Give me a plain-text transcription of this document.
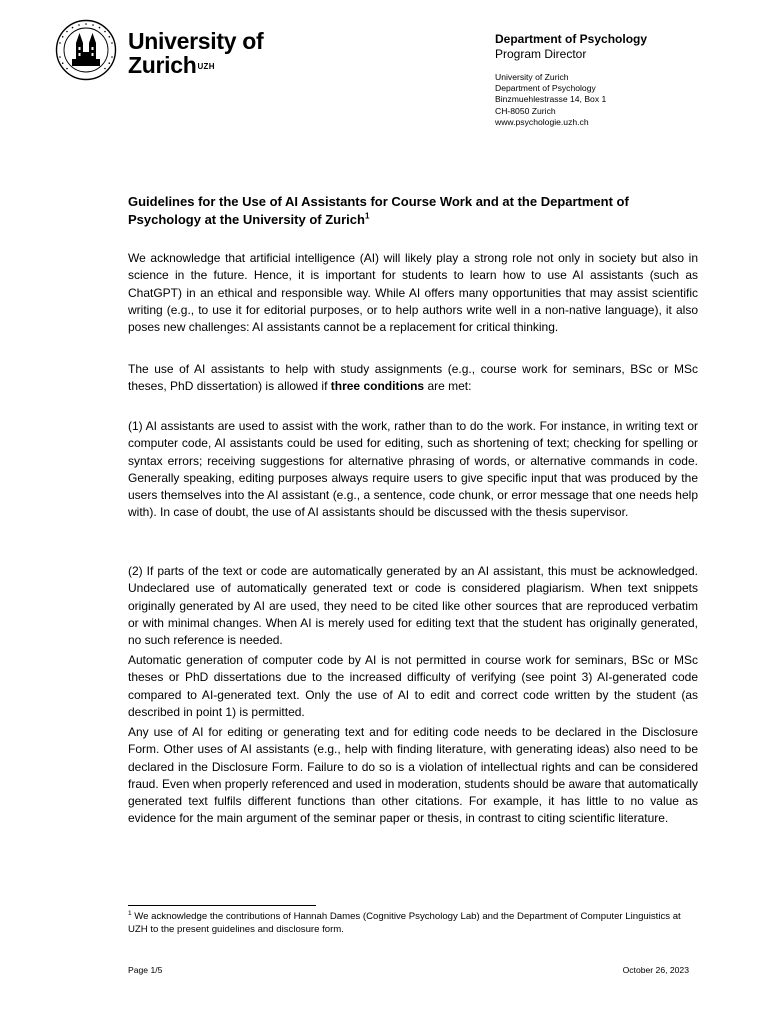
University of
Zurich$^{UZH}$
Department of Psychology
Program Director
University of Zurich
Department of Psychology
Binzmuehlestrasse 14, Box 1
CH-8050 Zurich
www.psychologie.uzh.ch
Guidelines for the Use of AI Assistants for Course Work and at the Department of Psychology at the University of Zurich$^1$

We acknowledge that artificial intelligence (AI) will likely play a strong role not only in society but also in science in the future. Hence, it is important for students to learn how to use AI assistants (such as ChatGPT) in an ethical and responsible way. While AI offers many opportunities that may assist scientific writing (e.g., to use it for editorial purposes, or to help authors write well in a non-native language), it also poses new challenges: AI assistants cannot be a replacement for critical thinking.

The use of AI assistants to help with study assignments (e.g., course work for seminars, BSc or MSc theses, PhD dissertation) is allowed if three conditions are met:

(1) AI assistants are used to assist with the work, rather than to do the work. For instance, in writing text or computer code, AI assistants could be used for editing, such as shortening of text; checking for spelling or syntax errors; receiving suggestions for alternative phrasing of words, or alternative commands in code. Generally speaking, editing purposes always require users to give specific input that was produced by the users themselves into the AI assistant (e.g., a sentence, code chunk, or error message that one needs help with). In case of doubt, the use of AI assistants should be discussed with the thesis supervisor.

(2) If parts of the text or code are automatically generated by an AI assistant, this must be acknowledged. Undeclared use of automatically generated text or code is considered plagiarism. When text snippets originally generated by AI are used, they need to be cited like other sources that are reproduced verbatim or with minimal changes. When AI is merely used for editing text that the student has originally generated, no such reference is needed.

Automatic generation of computer code by AI is not permitted in course work for seminars, BSc or MSc theses or PhD dissertations due to the increased difficulty of verifying (see point 3) AI-generated code compared to AI-generated text. Only the use of AI to edit and correct code written by the student (as described in point 1) is permitted.

Any use of AI for editing or generating text and for editing code needs to be declared in the Disclosure Form. Other uses of AI assistants (e.g., help with finding literature, with generating ideas) also need to be declared in the Disclosure Form. Failure to do so is a violation of intellectual rights and can be considered fraud. Even when properly referenced and used in moderation, students should be aware that automatically generated text fulfils different functions than other citations. For example, it has little to no value as evidence for the main argument of the seminar paper or thesis, in contrast to citing scientific literature.

$^1$ We acknowledge the contributions of Hannah Dames (Cognitive Psychology Lab) and the Department of Computer Linguistics at UZH to the present guidelines and disclosure form.
Page 1/5	October 26, 2023
